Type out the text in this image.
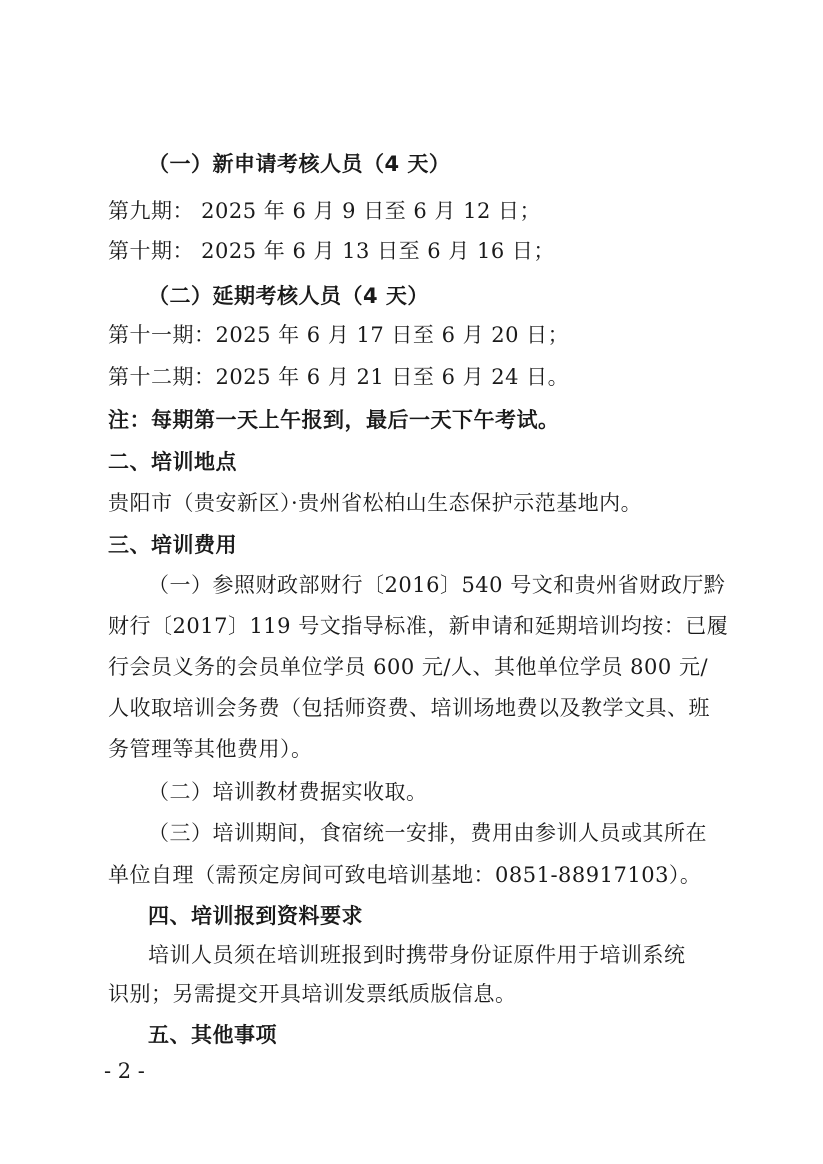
（一）新申请考核人员（4 天）
第九期： 2025 年 6 月 9 日至 6 月 12 日；
第十期： 2025 年 6 月 13 日至 6 月 16 日；
（二）延期考核人员（4 天）
第十一期：2025 年 6 月 17 日至 6 月 20 日；
第十二期：2025 年 6 月 21 日至 6 月 24 日。
注：每期第一天上午报到，最后一天下午考试。
二、培训地点
贵阳市（贵安新区）·贵州省松柏山生态保护示范基地内。
三、培训费用
（一）参照财政部财行〔2016〕540 号文和贵州省财政厅黔
财行〔2017〕119 号文指导标准，新申请和延期培训均按：已履
行会员义务的会员单位学员 600 元/人、其他单位学员 800 元/
人收取培训会务费（包括师资费、培训场地费以及教学文具、班
务管理等其他费用）。
（二）培训教材费据实收取。
（三）培训期间，食宿统一安排，费用由参训人员或其所在
单位自理（需预定房间可致电培训基地：0851-88917103）。
四、培训报到资料要求
培训人员须在培训班报到时携带身份证原件用于培训系统
识别；另需提交开具培训发票纸质版信息。
五、其他事项
- 2 -
